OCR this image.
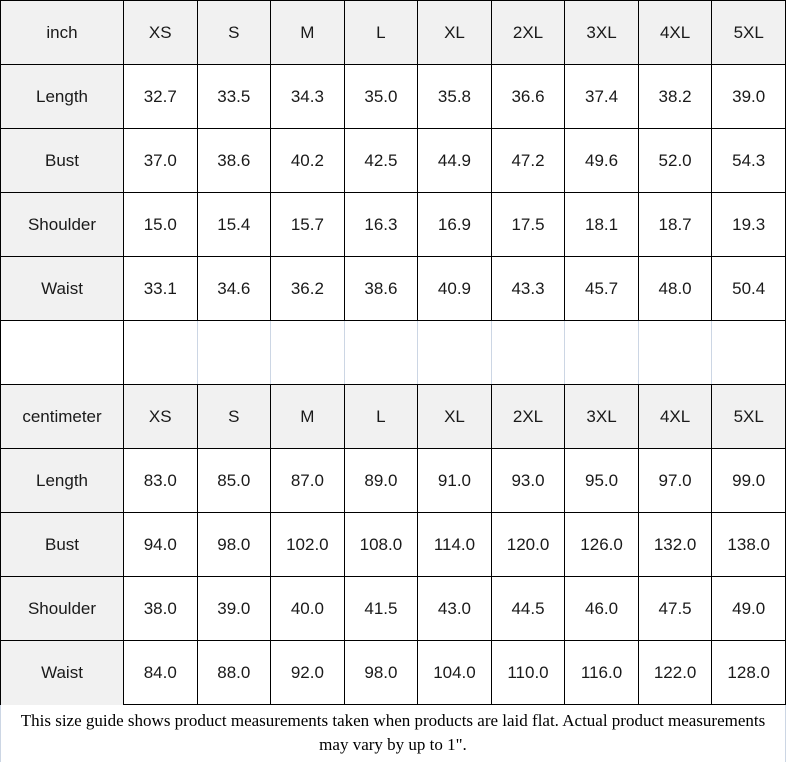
inch	XS	S	M	L	XL	2XL	3XL	4XL	5XL
Length	32.7	33.5	34.3	35.0	35.8	36.6	37.4	38.2	39.0
Bust	37.0	38.6	40.2	42.5	44.9	47.2	49.6	52.0	54.3
Shoulder	15.0	15.4	15.7	16.3	16.9	17.5	18.1	18.7	19.3
Waist	33.1	34.6	36.2	38.6	40.9	43.3	45.7	48.0	50.4

centimeter	XS	S	M	L	XL	2XL	3XL	4XL	5XL
Length	83.0	85.0	87.0	89.0	91.0	93.0	95.0	97.0	99.0
Bust	94.0	98.0	102.0	108.0	114.0	120.0	126.0	132.0	138.0
Shoulder	38.0	39.0	40.0	41.5	43.0	44.5	46.0	47.5	49.0
Waist	84.0	88.0	92.0	98.0	104.0	110.0	116.0	122.0	128.0
This size guide shows product measurements taken when products are laid flat. Actual product measurements may vary by up to 1".
